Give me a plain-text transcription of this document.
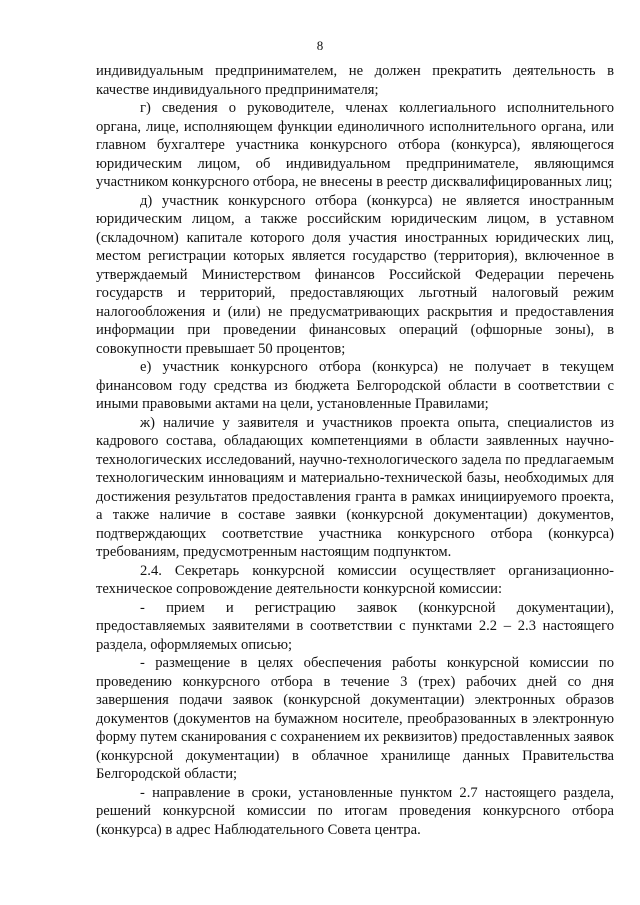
8

индивидуальным предпринимателем, не должен прекратить деятельность в качестве индивидуального предпринимателя;

г) сведения о руководителе, членах коллегиального исполнительного органа, лице, исполняющем функции единоличного исполнительного органа, или главном бухгалтере участника конкурсного отбора (конкурса), являющегося юридическим лицом, об индивидуальном предпринимателе, являющимся участником конкурсного отбора, не внесены в реестр дисквалифицированных лиц;

д) участник конкурсного отбора (конкурса) не является иностранным юридическим лицом, а также российским юридическим лицом, в уставном (складочном) капитале которого доля участия иностранных юридических лиц, местом регистрации которых является государство (территория), включенное в утверждаемый Министерством финансов Российской Федерации перечень государств и территорий, предоставляющих льготный налоговый режим налогообложения и (или) не предусматривающих раскрытия и предоставления информации при проведении финансовых операций (офшорные зоны), в совокупности превышает 50 процентов;

е) участник конкурсного отбора (конкурса) не получает в текущем финансовом году средства из бюджета Белгородской области в соответствии с иными правовыми актами на цели, установленные Правилами;

ж) наличие у заявителя и участников проекта опыта, специалистов из кадрового состава, обладающих компетенциями в области заявленных научно-технологических исследований, научно-технологического задела по предлагаемым технологическим инновациям и материально-технической базы, необходимых для достижения результатов предоставления гранта в рамках инициируемого проекта, а также наличие в составе заявки (конкурсной документации) документов, подтверждающих соответствие участника конкурсного отбора (конкурса) требованиям, предусмотренным настоящим подпунктом.

2.4. Секретарь конкурсной комиссии осуществляет организационно-техническое сопровождение деятельности конкурсной комиссии:

- прием и регистрацию заявок (конкурсной документации), предоставляемых заявителями в соответствии с пунктами 2.2 – 2.3 настоящего раздела, оформляемых описью;

- размещение в целях обеспечения работы конкурсной комиссии по проведению конкурсного отбора в течение 3 (трех) рабочих дней со дня завершения подачи заявок (конкурсной документации) электронных образов документов (документов на бумажном носителе, преобразованных в электронную форму путем сканирования с сохранением их реквизитов) предоставленных заявок (конкурсной документации) в облачное хранилище данных Правительства Белгородской области;

- направление в сроки, установленные пунктом 2.7 настоящего раздела, решений конкурсной комиссии по итогам проведения конкурсного отбора (конкурса) в адрес Наблюдательного Совета центра.
